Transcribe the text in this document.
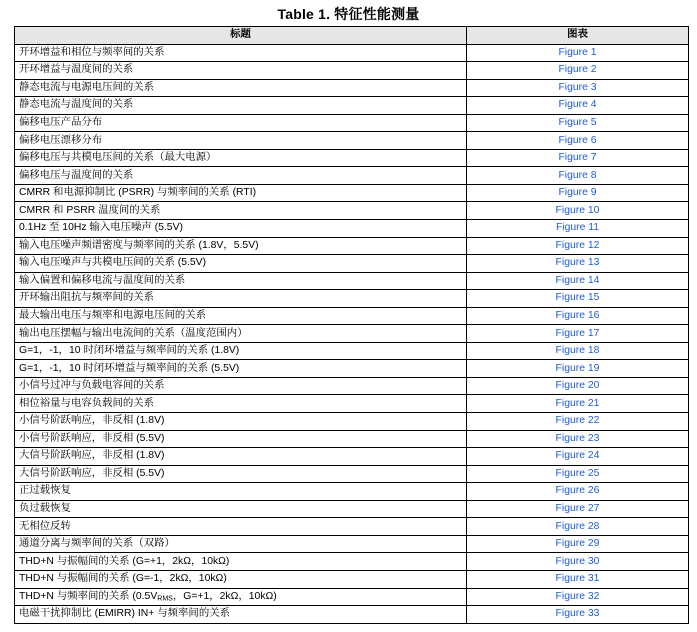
Table 1. 特征性能测量
标题	图表
开环增益和相位与频率间的关系	Figure 1
开环增益与温度间的关系	Figure 2
静态电流与电源电压间的关系	Figure 3
静态电流与温度间的关系	Figure 4
偏移电压产品分布	Figure 5
偏移电压漂移分布	Figure 6
偏移电压与共模电压间的关系（最大电源）	Figure 7
偏移电压与温度间的关系	Figure 8
CMRR 和电源抑制比 (PSRR) 与频率间的关系 (RTI)	Figure 9
CMRR 和 PSRR 温度间的关系	Figure 10
0.1Hz 至 10Hz 输入电压噪声 (5.5V)	Figure 11
输入电压噪声频谱密度与频率间的关系 (1.8V，5.5V)	Figure 12
输入电压噪声与共模电压间的关系 (5.5V)	Figure 13
输入偏置和偏移电流与温度间的关系	Figure 14
开环输出阻抗与频率间的关系	Figure 15
最大输出电压与频率和电源电压间的关系	Figure 16
输出电压摆幅与输出电流间的关系（温度范围内）	Figure 17
G=1，-1，10 时闭环增益与频率间的关系 (1.8V)	Figure 18
G=1，-1，10 时闭环增益与频率间的关系 (5.5V)	Figure 19
小信号过冲与负载电容间的关系	Figure 20
相位裕量与电容负载间的关系	Figure 21
小信号阶跃响应，非反相 (1.8V)	Figure 22
小信号阶跃响应，非反相 (5.5V)	Figure 23
大信号阶跃响应，非反相 (1.8V)	Figure 24
大信号阶跃响应，非反相 (5.5V)	Figure 25
正过载恢复	Figure 26
负过载恢复	Figure 27
无相位反转	Figure 28
通道分离与频率间的关系（双路）	Figure 29
THD+N 与振幅间的关系 (G=+1，2kΩ，10kΩ)	Figure 30
THD+N 与振幅间的关系 (G=-1，2kΩ，10kΩ)	Figure 31
THD+N 与频率间的关系 ($0.5V_{RMS}$，G=+1，2kΩ，10kΩ)	Figure 32
电磁干扰抑制比 (EMIRR) IN+ 与频率间的关系	Figure 33
